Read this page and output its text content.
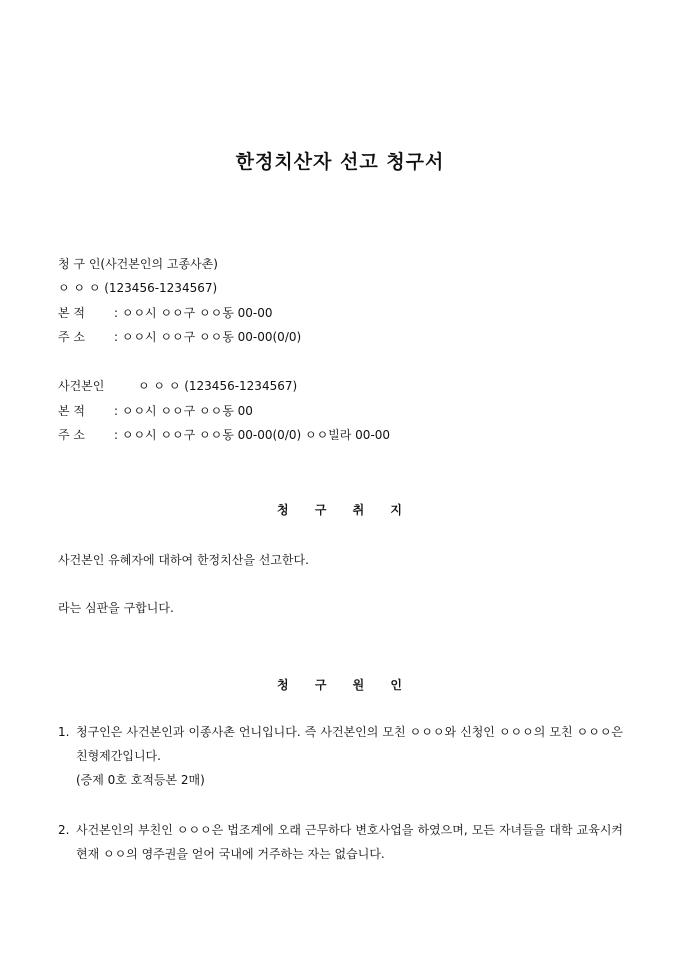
한정치산자 선고 청구서
청 구 인(사건본인의 고종사촌)
ㅇ ㅇ ㅇ (123456-1234567)
본 적 : ㅇㅇ시 ㅇㅇ구 ㅇㅇ동 00-00
주 소 : ㅇㅇ시 ㅇㅇ구 ㅇㅇ동 00-00(0/0)
사건본인	ㅇ ㅇ ㅇ (123456-1234567)
본 적 : ㅇㅇ시 ㅇㅇ구 ㅇㅇ동 00
주 소 : ㅇㅇ시 ㅇㅇ구 ㅇㅇ동 00-00(0/0) ㅇㅇ빌라 00-00
청 구 취 지
사건본인 유혜자에 대하여 한정치산을 선고한다.
라는 심판을 구합니다.
청 구 원 인
1. 청구인은 사건본인과 이종사촌 언니입니다. 즉 사건본인의 모친 ㅇㅇㅇ와 신청인 ㅇㅇㅇ의 모친 ㅇㅇㅇ은 친형제간입니다.
(증제 0호 호적등본 2매)
2. 사건본인의 부친인 ㅇㅇㅇ은 법조계에 오래 근무하다 변호사업을 하였으며, 모든 자녀들을 대학 교육시켜 현재 ㅇㅇ의 영주권을 얻어 국내에 거주하는 자는 없습니다.
